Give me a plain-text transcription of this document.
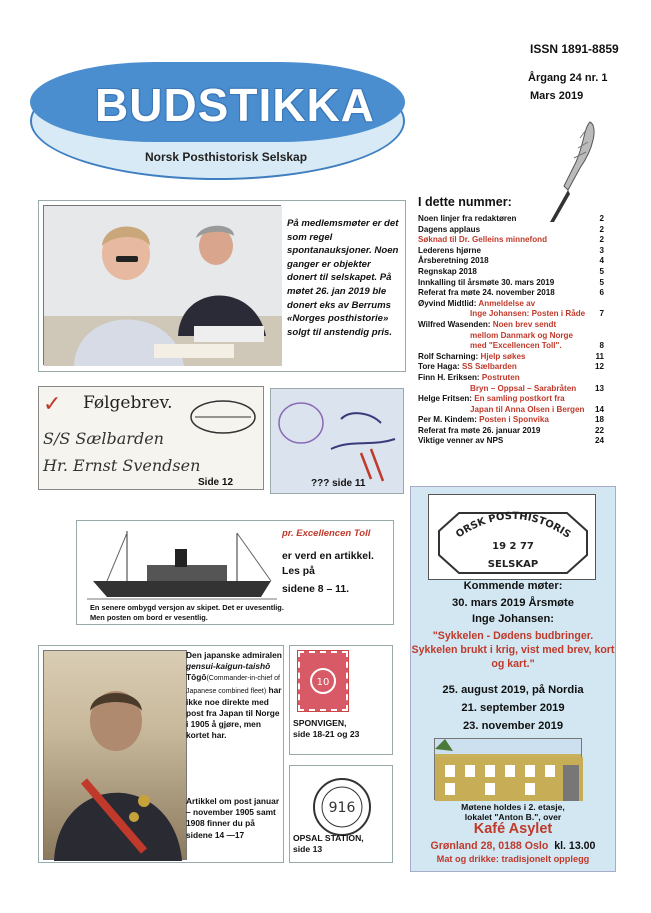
BUDSTIKKA
Norsk Posthistorisk Selskap
ISSN 1891-8859
Årgang 24 nr. 1
Mars 2019
I dette nummer:
Noen linjer fra redaktøren	2
Dagens applaus	2
Søknad til Dr. Gelleins minnefond	2
Lederens hjørne	3
Årsberetning 2018	4
Regnskap 2018	5
Innkalling til årsmøte 30. mars 2019	5
Referat fra møte 24. november 2018	6
Øyvind Midtlid: Anmeldelse av
Inge Johansen: Posten i Råde	7
Wilfred Wasenden: Noen brev sendt
mellom Danmark og Norge
med "Excellencen Toll".	8
Rolf Scharning: Hjelp søkes	11
Tore Haga: SS Sælbarden	12
Finn H. Eriksen: Postruten
Bryn – Oppsal – Sarabråten	13
Helge Fritsen: En samling postkort fra
Japan til Anna Olsen i Bergen	14
Per M. Kindem: Posten i Sponvika	18
Referat fra møte 26. januar 2019	22
Viktige venner av NPS	24
På medlemsmøter er det som regel spontanauksjoner. Noen ganger er objekter donert til selskapet. På møtet 26. jan 2019 ble donert eks av Berrums «Norges posthistorie» solgt til anstendig pris.
Følgebrev.
✓
S/S Sælbarden
Hr. Ernst Svendsen
Side 12	??? side 11
En senere ombygd versjon av skipet. Det er uvesentlig. Men posten om bord er vesentlig.
pr. Excellencen Toll
er verd en artikkel. Les på
sidene 8 – 11.
Den japanske admiralen gensui-kaigun-taishō Tōgō(Commander-in-chief of Japanese combined fleet) har ikke noe direkte med post fra Japan til Norge i 1905 å gjøre, men kortet har.
Artikkel om post januar – november 1905 samt 1908 finner du på sidene 14 —17
10
SPONVIGEN,
side 18-21 og 23
916
OPSAL STATION,
side 13
ORSK POSTHISTORIS
19 2 77
SELSKAP
Kommende møter:
30. mars 2019 Årsmøte
Inge Johansen:
"Sykkelen - Dødens budbringer. Sykkelen brukt i krig, vist med brev, kort og kart."
25. august 2019, på Nordia
21. september 2019
23. november 2019
Møtene holdes i 2. etasje,
lokalet "Anton B.", over
Kafé Asylet
Grønland 28, 0188 Oslo kl. 13.00
Mat og drikke: tradisjonelt opplegg
